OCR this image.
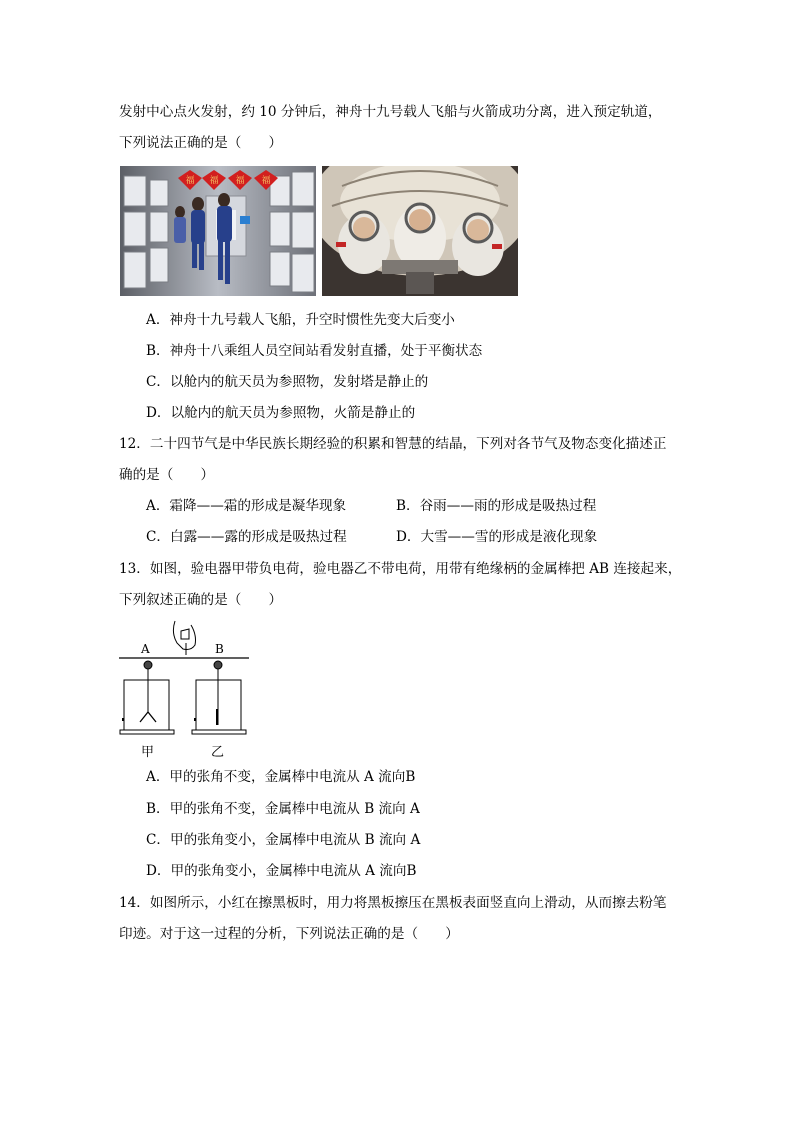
发射中心点火发射，约 10 分钟后，神舟十九号载人飞船与火箭成功分离，进入预定轨道，
下列说法正确的是（　　）
福 福 福 福
A．神舟十九号载人飞船，升空时惯性先变大后变小
B．神舟十八乘组人员空间站看发射直播，处于平衡状态
C．以舱内的航天员为参照物，发射塔是静止的
D．以舱内的航天员为参照物，火箭是静止的
12．二十四节气是中华民族长期经验的积累和智慧的结晶，下列对各节气及物态变化描述正
确的是（　　）
A．霜降——霜的形成是凝华现象	B．谷雨——雨的形成是吸热过程
C．白露——露的形成是吸热过程	D．大雪——雪的形成是液化现象
13．如图，验电器甲带负电荷，验电器乙不带电荷，用带有绝缘柄的金属棒把 AB 连接起来，
下列叙述正确的是（　　）
A	B
甲	乙
A．甲的张角不变，金属棒中电流从 A 流向B
B．甲的张角不变，金属棒中电流从 B 流向 A
C．甲的张角变小，金属棒中电流从 B 流向 A
D．甲的张角变小，金属棒中电流从 A 流向B
14．如图所示，小红在擦黑板时，用力将黑板擦压在黑板表面竖直向上滑动，从而擦去粉笔
印迹。对于这一过程的分析，下列说法正确的是（　　）
